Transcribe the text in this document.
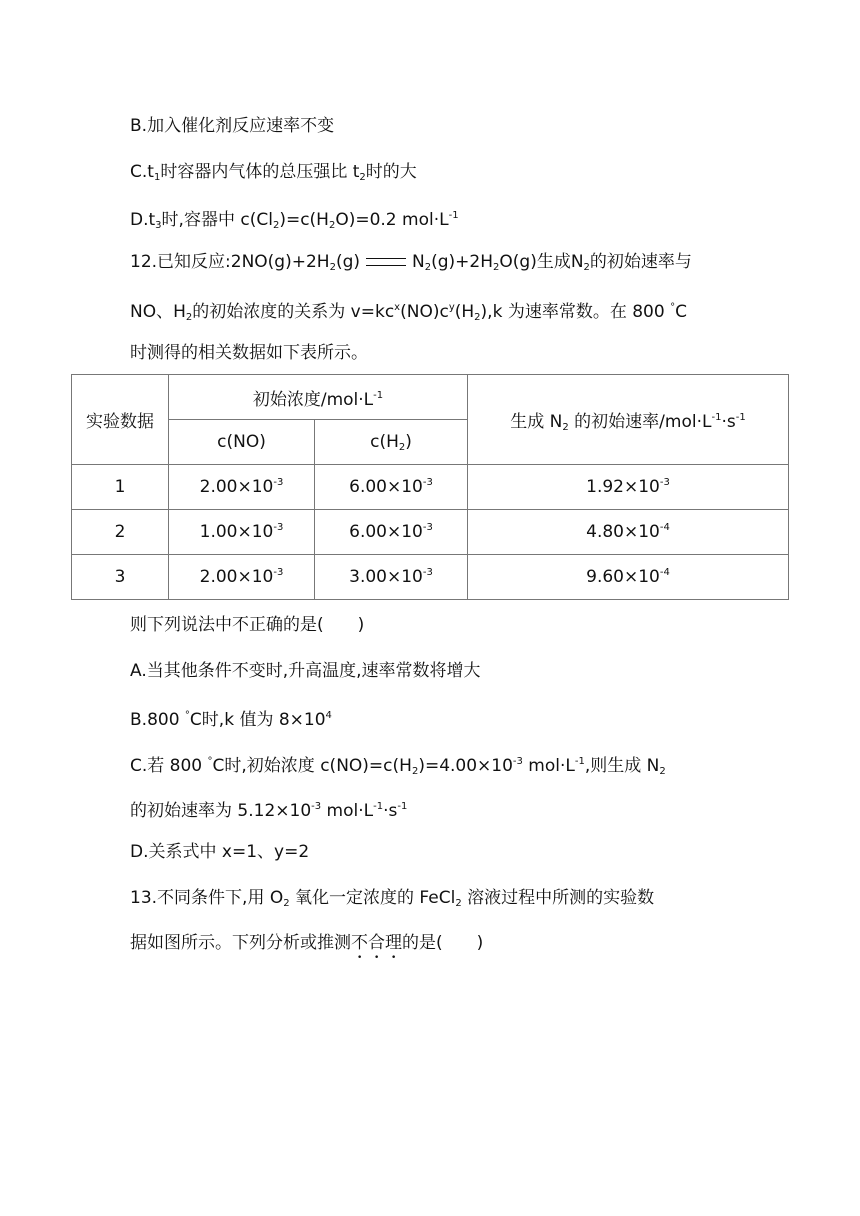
B.加入催化剂反应速率不变
$C.t_1$时容器内气体的总压强比 $t_2$时的大
$D.t_3$时,容器中 $c(Cl_2)=c(H_2O)=0.2$ $mol\cdot L^{-1}$
12.已知反应$:2NO(g)+2H_2(g)$	$N_2(g)+2H_2O(g)$生成$N_2$的初始速率与
NO、$H_2$的初始浓度的关系为 $v=kc^x(NO)c^y(H_2),k$ 为速率常数。在 800 °C
时测得的相关数据如下表所示。
实验数据	初始浓度$/mol\cdot L^{-1}$		生成 $N_2$ 的初始速率$/mol\cdot L^{-1}\cdot s^{-1}$
	c(NO)	$c(H_2)$	
1	$2.00\times 10^{-3}$	$6.00\times 10^{-3}$	$1.92\times 10^{-3}$
2	$1.00\times 10^{-3}$	$6.00\times 10^{-3}$	$4.80\times 10^{-4}$
3	$2.00\times 10^{-3}$	$3.00\times 10^{-3}$	$9.60\times 10^{-4}$
则下列说法中不正确的是( )
A.当其他条件不变时,升高温度,速率常数将增大
B.800 °C时,k 值为 $8\times 10^4$
C.若 800 °C时,初始浓度 $c(NO)=c(H_2)=4.00\times 10^{-3}$ $mol\cdot L^{-1}$,则生成 $N_2$
的初始速率为 $5.12\times 10^{-3}$ $mol\cdot L^{-1}\cdot s^{-1}$
D.关系式中 x=1、y=2
13.不同条件下,用 $O_2$ 氧化一定浓度的 FeCl$_2$ 溶液过程中所测的实验数
据如图所示。下列分析或推测不合理的是( )
